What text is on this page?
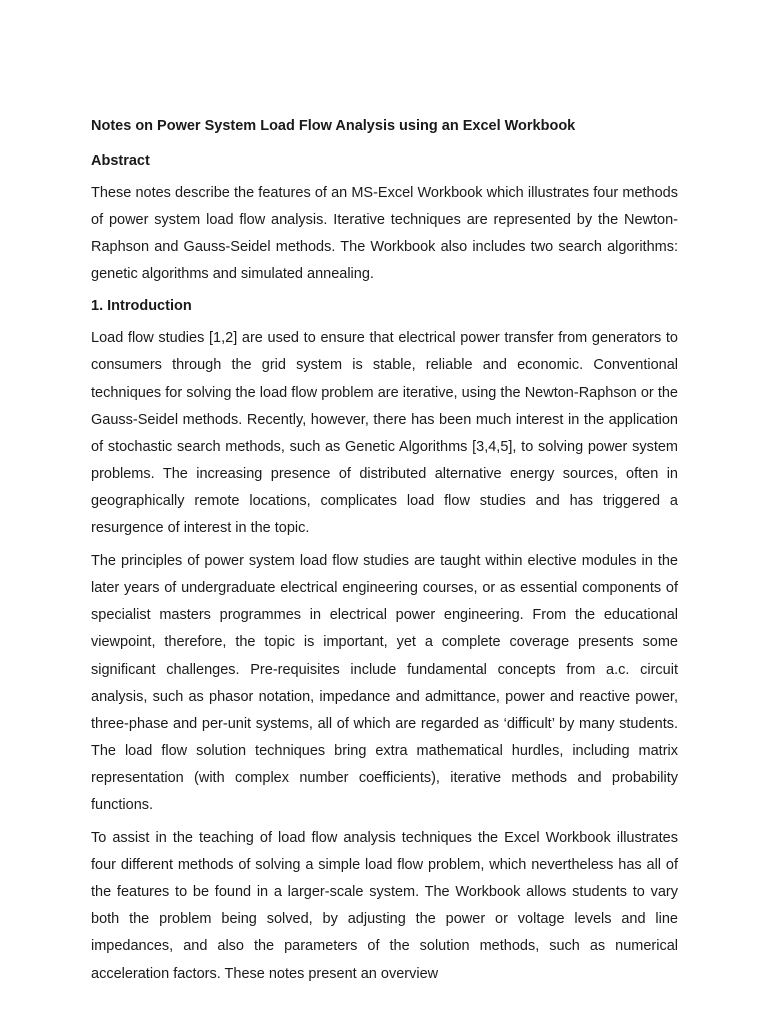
Notes on Power System Load Flow Analysis using an Excel Workbook
Abstract

These notes describe the features of an MS-Excel Workbook which illustrates four methods of power system load flow analysis. Iterative techniques are represented by the Newton-Raphson and Gauss-Seidel methods. The Workbook also includes two search algorithms: genetic algorithms and simulated annealing.

1. Introduction

Load flow studies [1,2] are used to ensure that electrical power transfer from generators to consumers through the grid system is stable, reliable and economic. Conventional techniques for solving the load flow problem are iterative, using the Newton-Raphson or the Gauss-Seidel methods. Recently, however, there has been much interest in the application of stochastic search methods, such as Genetic Algorithms [3,4,5], to solving power system problems. The increasing presence of distributed alternative energy sources, often in geographically remote locations, complicates load flow studies and has triggered a resurgence of interest in the topic.

The principles of power system load flow studies are taught within elective modules in the later years of undergraduate electrical engineering courses, or as essential components of specialist masters programmes in electrical power engineering. From the educational viewpoint, therefore, the topic is important, yet a complete coverage presents some significant challenges. Pre-requisites include fundamental concepts from a.c. circuit analysis, such as phasor notation, impedance and admittance, power and reactive power, three-phase and per-unit systems, all of which are regarded as ‘difficult’ by many students. The load flow solution techniques bring extra mathematical hurdles, including matrix representation (with complex number coefficients), iterative methods and probability functions.

To assist in the teaching of load flow analysis techniques the Excel Workbook illustrates four different methods of solving a simple load flow problem, which nevertheless has all of the features to be found in a larger-scale system. The Workbook allows students to vary both the problem being solved, by adjusting the power or voltage levels and line impedances, and also the parameters of the solution methods, such as numerical acceleration factors. These notes present an overview
